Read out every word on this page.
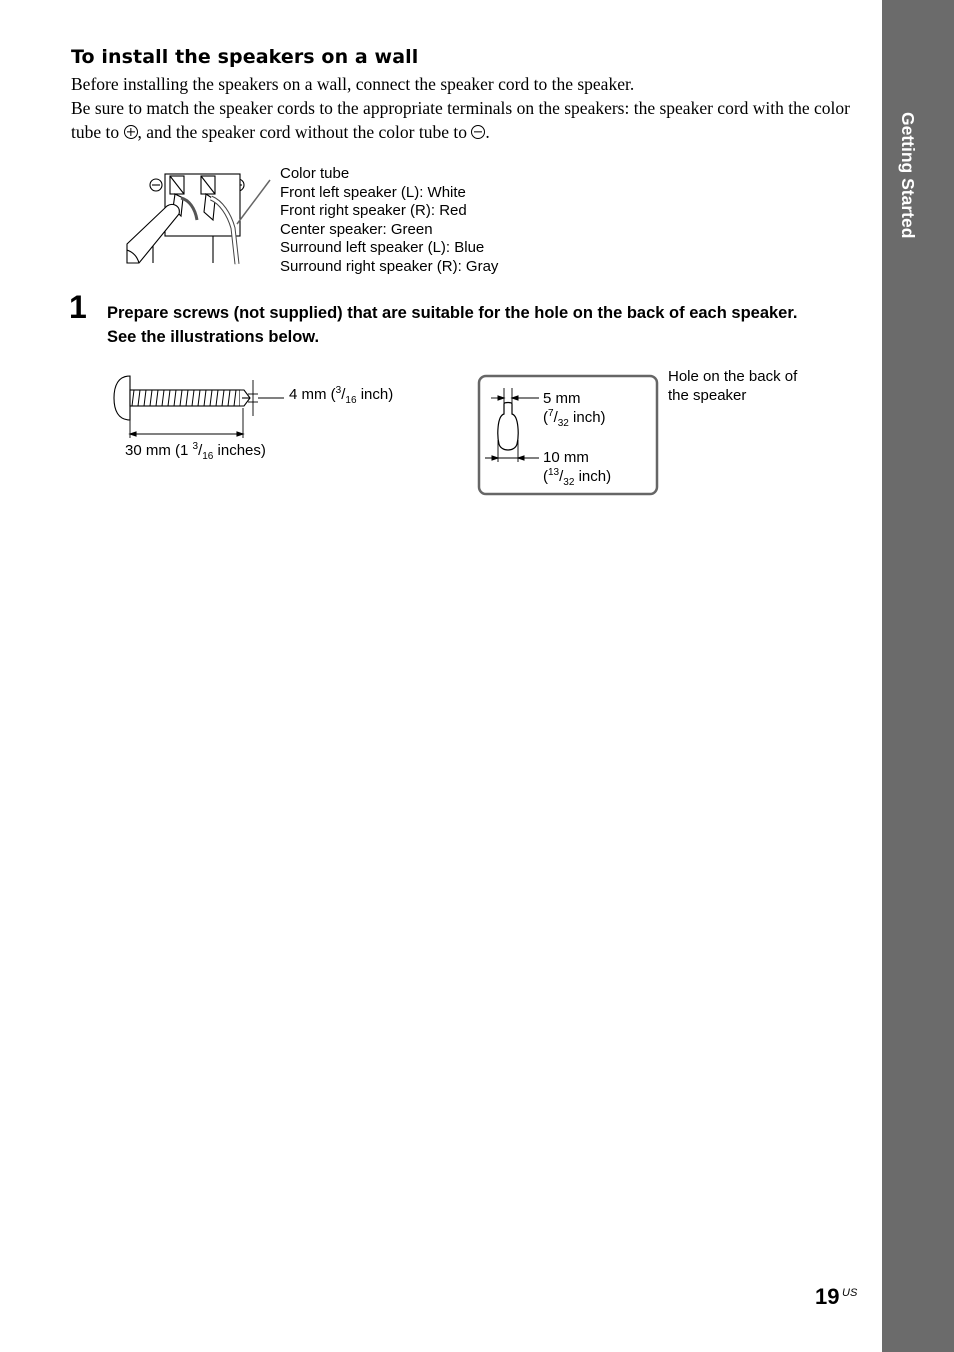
Getting Started
To install the speakers on a wall
Before installing the speakers on a wall, connect the speaker cord to the speaker.
Be sure to match the speaker cords to the appropriate terminals on the speakers: the speaker cord with the color tube to , and the speaker cord without the color tube to .
Color tube
Front left speaker (L): White
Front right speaker (R): Red
Center speaker: Green
Surround left speaker (L): Blue
Surround right speaker (R): Gray
1 Prepare screws (not supplied) that are suitable for the hole on the back of each speaker.
See the illustrations below.
4 mm ($^3/_{16}$ inch)
30 mm (1 $^3/_{16}$ inches)
Hole on the back of
the speaker
5 mm
($^7/_{32}$ inch)
10 mm
($^{13}/_{32}$ inch)
19 US
